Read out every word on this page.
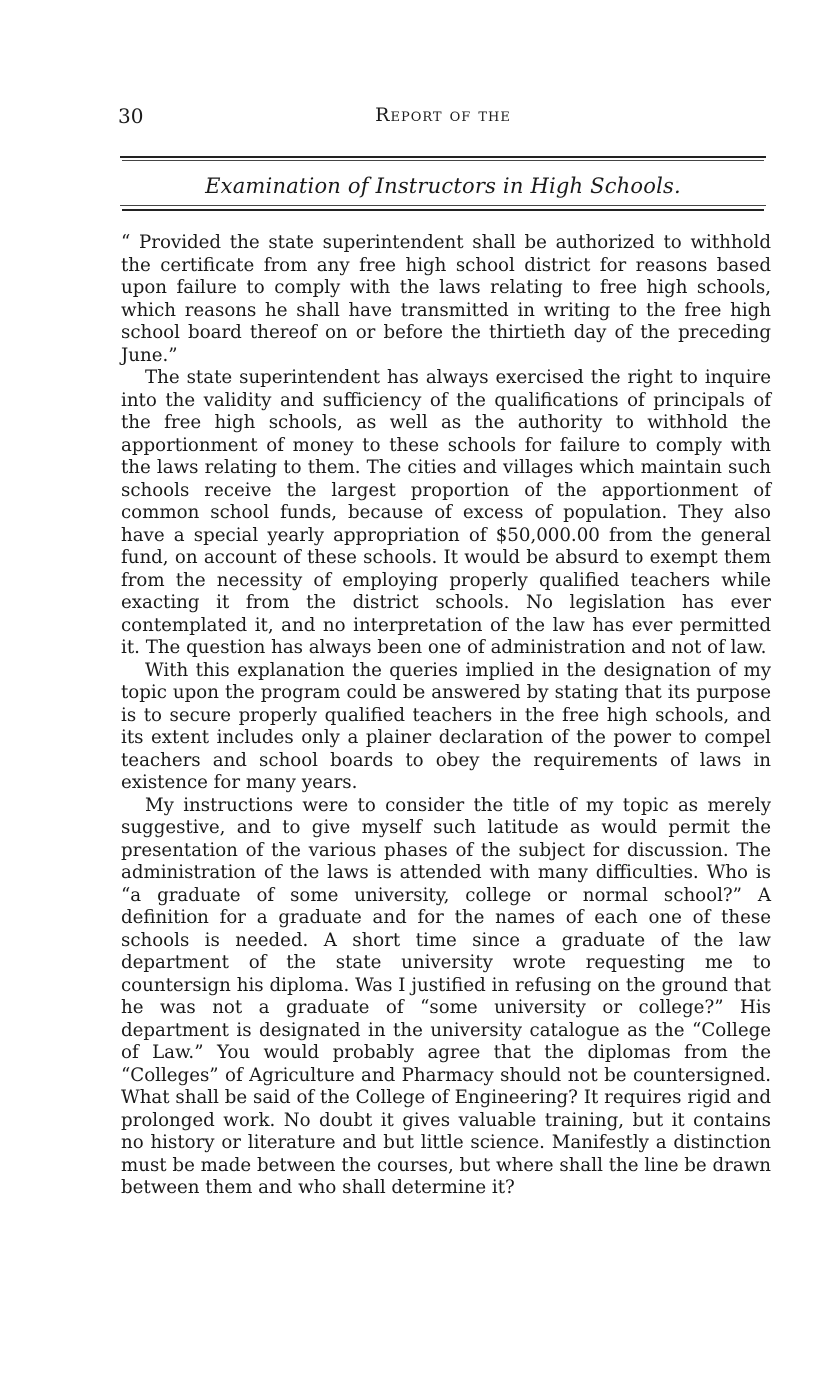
30	Report of the
Examination of Instructors in High Schools.

“ Provided the state superintendent shall be authorized to withhold the certificate from any free high school district for reasons based upon failure to comply with the laws relating to free high schools, which reasons he shall have transmitted in writing to the free high school board thereof on or before the thirtieth day of the preceding June.”

The state superintendent has always exercised the right to inquire into the validity and sufficiency of the qualifications of principals of the free high schools, as well as the authority to withhold the apportionment of money to these schools for failure to comply with the laws relating to them. The cities and villages which maintain such schools receive the largest proportion of the apportionment of common school funds, because of excess of population. They also have a special yearly appropriation of $50,000.00 from the general fund, on account of these schools. It would be absurd to exempt them from the necessity of employing properly qualified teachers while exacting it from the district schools. No legislation has ever contemplated it, and no interpretation of the law has ever permitted it. The question has always been one of administration and not of law.

With this explanation the queries implied in the designation of my topic upon the program could be answered by stating that its purpose is to secure properly qualified teachers in the free high schools, and its extent includes only a plainer declaration of the power to compel teachers and school boards to obey the requirements of laws in existence for many years.

My instructions were to consider the title of my topic as merely suggestive, and to give myself such latitude as would permit the presentation of the various phases of the subject for discussion. The administration of the laws is attended with many difficulties. Who is “a graduate of some university, college or normal school?” A definition for a graduate and for the names of each one of these schools is needed. A short time since a graduate of the law department of the state university wrote requesting me to countersign his diploma. Was I justified in refusing on the ground that he was not a graduate of “some university or college?” His department is designated in the university catalogue as the “College of Law.” You would probably agree that the diplomas from the “Colleges” of Agriculture and Pharmacy should not be countersigned. What shall be said of the College of Engineering? It requires rigid and prolonged work. No doubt it gives valuable training, but it contains no history or literature and but little science. Manifestly a distinction must be made between the courses, but where shall the line be drawn between them and who shall determine it?
